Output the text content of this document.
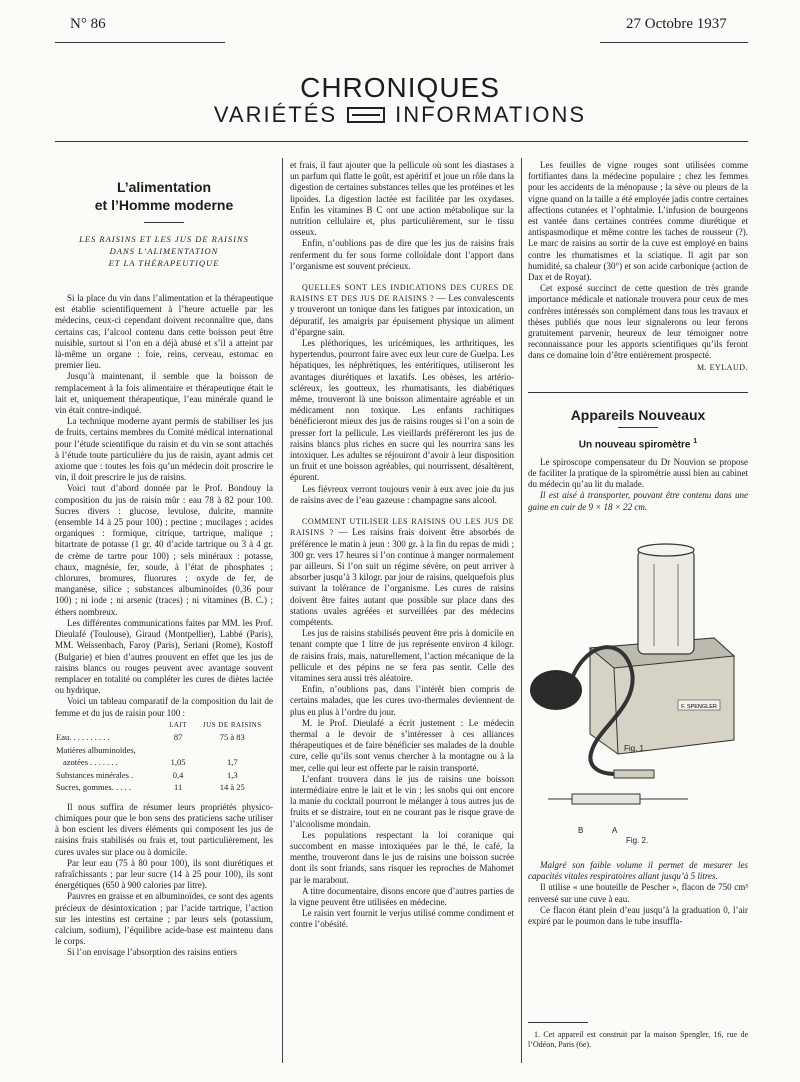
N° 86	27 Octobre 1937
CHRONIQUES
VARIÉTÉS	INFORMATIONS
L’alimentation
et l’Homme moderne
LES RAISINS ET LES JUS DE RAISINS
DANS L’ALIMENTATION
ET LA THÉRAPEUTIQUE

Si la place du vin dans l’alimentation et la thérapeutique est établie scientifiquement à l’heure actuelle par les médecins, ceux-ci cependant doivent reconnaître que, dans certains cas, l’alcool contenu dans cette boisson peut être nuisible, surtout si l’on en a déjà abusé et s’il a atteint par là-même un organe : foie, reins, cerveau, estomac en premier lieu.

Jusqu’à maintenant, il semble que la boisson de remplacement à la fois alimentaire et thérapeutique était le lait et, uniquement thérapeutique, l’eau minérale quand le vin était contre-indiqué.

La technique moderne ayant permis de stabiliser les jus de fruits, certains membres du Comité médical international pour l’étude scientifique du raisin et du vin se sont attachés à l’étude toute particulière du jus de raisin, ayant admis cet axiome que : toutes les fois qu’un médecin doit proscrire le vin, il doit prescrire le jus de raisins.

Voici tout d’abord donnée par le Prof. Bondouy la composition du jus de raisin mûr : eau 78 à 82 pour 100. Sucres divers : glucose, levulose, dulcite, mannite (ensemble 14 à 25 pour 100) ; pectine ; mucilages ; acides organiques : formique, citrique, tartrique, malique ; bitartrate de potasse (1 gr. 40 d’acide tartrique ou 3 à 4 gr. de crème de tartre pour 100) ; sels minéraux : potasse, chaux, magnésie, fer, soude, à l’état de phosphates ; chlorures, bromures, fluorures ; oxyde de fer, de manganèse, silice ; substances albuminoïdes (0,36 pour 100) ; ni iode ; ni arsenic (traces) ; ni vitamines (B. C.) ; éthers nombreux.

Les différentes communications faites par MM. les Prof. Dieulafé (Toulouse), Giraud (Montpellier), Labbé (Paris), MM. Weissenbach, Faroy (Paris), Seriani (Rome), Kostoff (Bulgarie) et bien d’autres prouvent en effet que les jus de raisins blancs ou rouges peuvent avec avantage souvent remplacer en totalité ou compléter les cures de diètes lactée ou hydrique.

Voici un tableau comparatif de la composition du lait de femme et du jus de raisin pour 100 :

	LAIT	JUS DE RAISINS
Eau. . . . . . . . . .	87	75 à 83
Matières albuminoïdes,		
azotées . . . . . . .	1,05	1,7
Substances minérales .	0,4	1,3
Sucres, gommes. . . . .	11	14 à 25

Il nous suffira de résumer leurs propriétés physico-chimiques pour que le bon sens des praticiens sache utiliser à bon escient les divers éléments qui composent les jus de raisins frais stabilisés ou frais et, tout particulièrement, les cures uvales sur place ou à domicile.

Par leur eau (75 à 80 pour 100), ils sont diurétiques et rafraîchissants ; par leur sucre (14 à 25 pour 100), ils sont énergétiques (650 à 900 calories par litre).

Pauvres en graisse et en albuminoïdes, ce sont des agents précieux de désintoxication ; par l’acide tartrique, l’action sur les intestins est certaine ; par leurs sels (potassium, calcium, sodium), l’équilibre acide-base est maintenu dans le corps.

Si l’on envisage l’absorption des raisins entiers

et frais, il faut ajouter que la pellicule où sont les diastases a un parfum qui flatte le goût, est apéritif et joue un rôle dans la digestion de certaines substances telles que les protéines et les lipoïdes. La digestion lactée est facilitée par les oxydases. Enfin les vitamines B C ont une action métabolique sur la nutrition cellulaire et, plus particulièrement, sur le tissu osseux.

Enfin, n’oublions pas de dire que les jus de raisins frais renferment du fer sous forme colloïdale dont l’apport dans l’organisme est souvent précieux.

QUELLES SONT LES INDICATIONS DES CURES DE RAISINS ET DES JUS DE RAISINS ? — Les convalescents y trouveront un tonique dans les fatigues par intoxication, un dépuratif, les amaigris par épuisement physique un aliment d’épargne sain.

Les pléthoriques, les uricémiques, les arthritiques, les hypertendus, pourront faire avec eux leur cure de Guelpa. Les hépatiques, les néphrétiques, les entéritiques, utiliseront les avantages diurétiques et laxatifs. Les obèses, les artério-scléreux, les goutteux, les rhumatisants, les diabétiques même, trouveront là une boisson alimentaire agréable et un médicament non toxique. Les enfants rachitiques bénéficieront mieux des jus de raisins rouges si l’on a soin de presser fort la pellicule. Les vieillards préféreront les jus de raisins blancs plus riches en sucre qui les nourrira sans les intoxiquer. Les adultes se réjouiront d’avoir à leur disposition un fruit et une boisson agréables, qui nourrissent, désaltèrent, épurent.

Les fiévreux verront toujours venir à eux avec joie du jus de raisins avec de l’eau gazeuse : champagne sans alcool.

COMMENT UTILISER LES RAISINS OU LES JUS DE RAISINS ? — Les raisins frais doivent être absorbés de préférence le matin à jeun : 300 gr. à la fin du repas de midi ; 300 gr. vers 17 heures si l’on continue à manger normalement par ailleurs. Si l’on suit un régime sévère, on peut arriver à absorber jusqu’à 3 kilogr. par jour de raisins, quelquefois plus suivant la tolérance de l’organisme. Les cures de raisins doivent être faites autant que possible sur place dans des stations uvales agréées et surveillées par des médecins compétents.

Les jus de raisins stabilisés peuvent être pris à domicile en tenant compte que 1 litre de jus représente environ 4 kilogr. de raisins frais, mais, naturellement, l’action mécanique de la pellicule et des pépins ne se fera pas sentir. Celle des vitamines sera aussi très aléatoire.

Enfin, n’oublions pas, dans l’intérêt bien compris de certains malades, que les cures uvo-thermales deviennent de plus en plus à l’ordre du jour.

M. le Prof. Dieulafé a écrit justement : Le médecin thermal a le devoir de s’intéresser à ces alliances thérapeutiques et de faire bénéficier ses malades de la double cure, celle qu’ils sont venus chercher à la montagne ou à la mer, celle qui leur est offerte par le raisin transporté.

L’enfant trouvera dans le jus de raisins une boisson intermédiaire entre le lait et le vin ; les snobs qui ont encore la manie du cocktail pourront le mélanger à tous autres jus de fruits et se distraire, tout en ne courant pas le risque grave de l’alcoolisme mondain.

Les populations respectant la loi coranique qui succombent en masse intoxiquées par le thé, le café, la menthe, trouveront dans le jus de raisins une boisson sucrée dont ils sont friands, sans risquer les reproches de Mahomet par le marabout.

A titre documentaire, disons encore que d’autres parties de la vigne peuvent être utilisées en médecine.

Le raisin vert fournit le verjus utilisé comme condiment et contre l’obésité.

Les feuilles de vigne rouges sont utilisées comme fortifiantes dans la médecine populaire ; chez les femmes pour les accidents de la ménopause ; la sève ou pleurs de la vigne quand on la taille a été employée jadis contre certaines affections cutanées et l’ophtalmie. L’infusion de bourgeons est vantée dans certaines contrées comme diurétique et antispasmodique et même contre les taches de rousseur (?). Le marc de raisins au sortir de la cuve est employé en bains contre les rhumatismes et la sciatique. Il agit par son humidité, sa chaleur (30°) et son acide carbonique (action de Dax et de Royat).

Cet exposé succinct de cette question de très grande importance médicale et nationale trouvera pour ceux de mes confrères intéressés son complément dans tous les travaux et thèses publiés que nous leur signalerons ou leur ferons gratuitement parvenir, heureux de leur témoigner notre reconnaissance pour les apports scientifiques qu’ils feront dans ce domaine loin d’être entièrement prospecté.

M. EYLAUD.

Appareils Nouveaux
Un nouveau spiromètre $^1$

Le spiroscope compensateur du Dr Nouvion se propose de faciliter la pratique de la spirométrie aussi bien au cabinet du médecin qu’au lit du malade.

Il est aisé à transporter, pouvant être contenu dans une gaine en cuir de 9 × 18 × 22 cm.

F. SPENGLER
Fig. 1.
B	A
Fig. 2.

Malgré son faible volume il permet de mesurer les capacités vitales respiratoires allant jusqu’à 5 litres.

Il utilise « une bouteille de Pescher », flacon de 750 cm³ renversé sur une cuve à eau.

Ce flacon étant plein d’eau jusqu’à la graduation 0, l’air expiré par le poumon dans le tube insuffla-

1. Cet appareil est construit par la maison Spengler, 16, rue de l’Odéon, Paris (6e).
